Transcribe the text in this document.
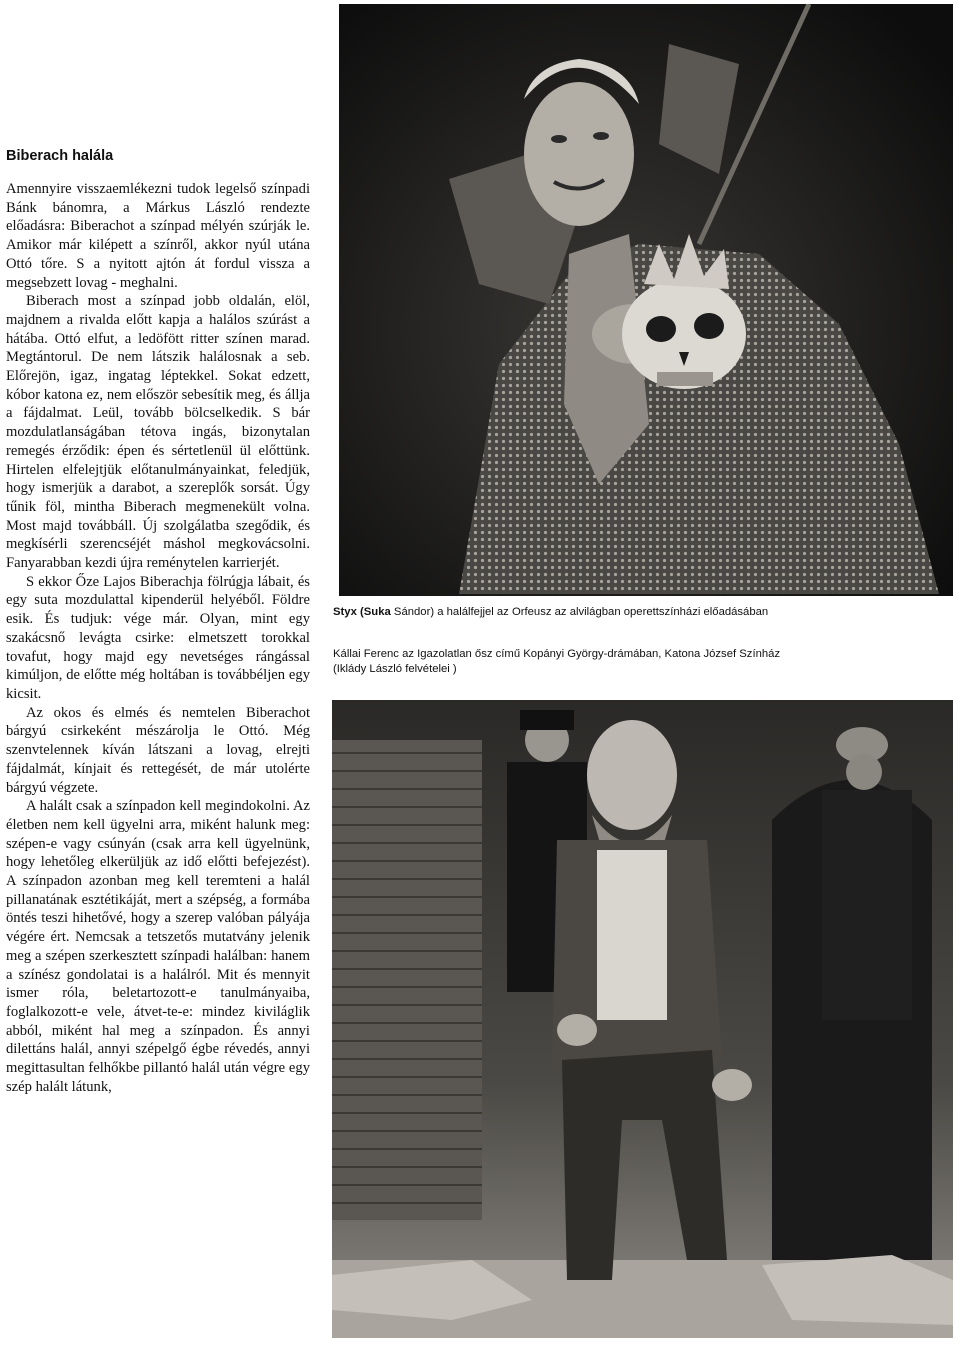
Biberach halála

Amennyire visszaemlékezni tudok legelső színpadi Bánk bánomra, a Márkus László rendezte előadásra: Biberachot a színpad mélyén szúrják le. Amikor már kilépett a színről, akkor nyúl utána Ottó tőre. S a nyitott ajtón át fordul vissza a megsebzett lovag - meghalni.

Biberach most a színpad jobb oldalán, elöl, majdnem a rivalda előtt kapja a halálos szúrást a hátába. Ottó elfut, a ledöfött ritter színen marad. Megtántorul. De nem látszik halálosnak a seb. Előrejön, igaz, ingatag léptekkel. Sokat edzett, kóbor katona ez, nem először sebesítik meg, és állja a fájdalmat. Leül, tovább bölcselkedik. S bár mozdulatlanságában tétova ingás, bizonytalan remegés érződik: épen és sértetlenül ül előttünk. Hirtelen elfelejtjük előtanulmányainkat, feledjük, hogy ismerjük a darabot, a szereplők sorsát. Úgy tűnik föl, mintha Biberach megmenekült volna. Most majd továbbáll. Új szolgálatba szegődik, és megkísérli szerencséjét máshol megkovácsolni. Fanyarabban kezdi újra reménytelen karrierjét.

S ekkor Őze Lajos Biberachja fölrúgja lábait, és egy suta mozdulattal kipenderül helyéből. Földre esik. És tudjuk: vége már. Olyan, mint egy szakácsnő levágta csirke: elmetszett torokkal tovafut, hogy majd egy nevetséges rángással kimúljon, de előtte még holtában is továbbéljen egy kicsit.

Az okos és elmés és nemtelen Biberachot bárgyú csirkeként mészárolja le Ottó. Még szenvtelennek kíván látszani a lovag, elrejti fájdalmát, kínjait és rettegését, de már utolérte bárgyú végzete.

A halált csak a színpadon kell megindokolni. Az életben nem kell ügyelni arra, miként halunk meg: szépen-e vagy csúnyán (csak arra kell ügyelnünk, hogy lehetőleg elkerüljük az idő előtti befejezést). A színpadon azonban meg kell teremteni a halál pillanatának esztétikáját, mert a szépség, a formába öntés teszi hihetővé, hogy a szerep valóban pályája végére ért. Nemcsak a tetszetős mutatvány jelenik meg a szépen szerkesztett színpadi halálban: hanem a színész gondolatai is a halálról. Mit és mennyit ismer róla, beletartozott-e tanulmányaiba, foglalkozott-e vele, átvet-te-e: mindez kiviláglik abból, miként hal meg a színpadon. És annyi dilettáns halál, annyi szépelgő égbe révedés, annyi megittasultan felhőkbe pillantó halál után végre egy szép halált látunk,

Styx (Suka Sándor) a halálfejjel az Orfeusz az alvilágban operettszínházi előadásában
Kállai Ferenc az Igazolatlan ősz című Kopányi György-drámában, Katona József Színház
(Iklády László felvételei )
